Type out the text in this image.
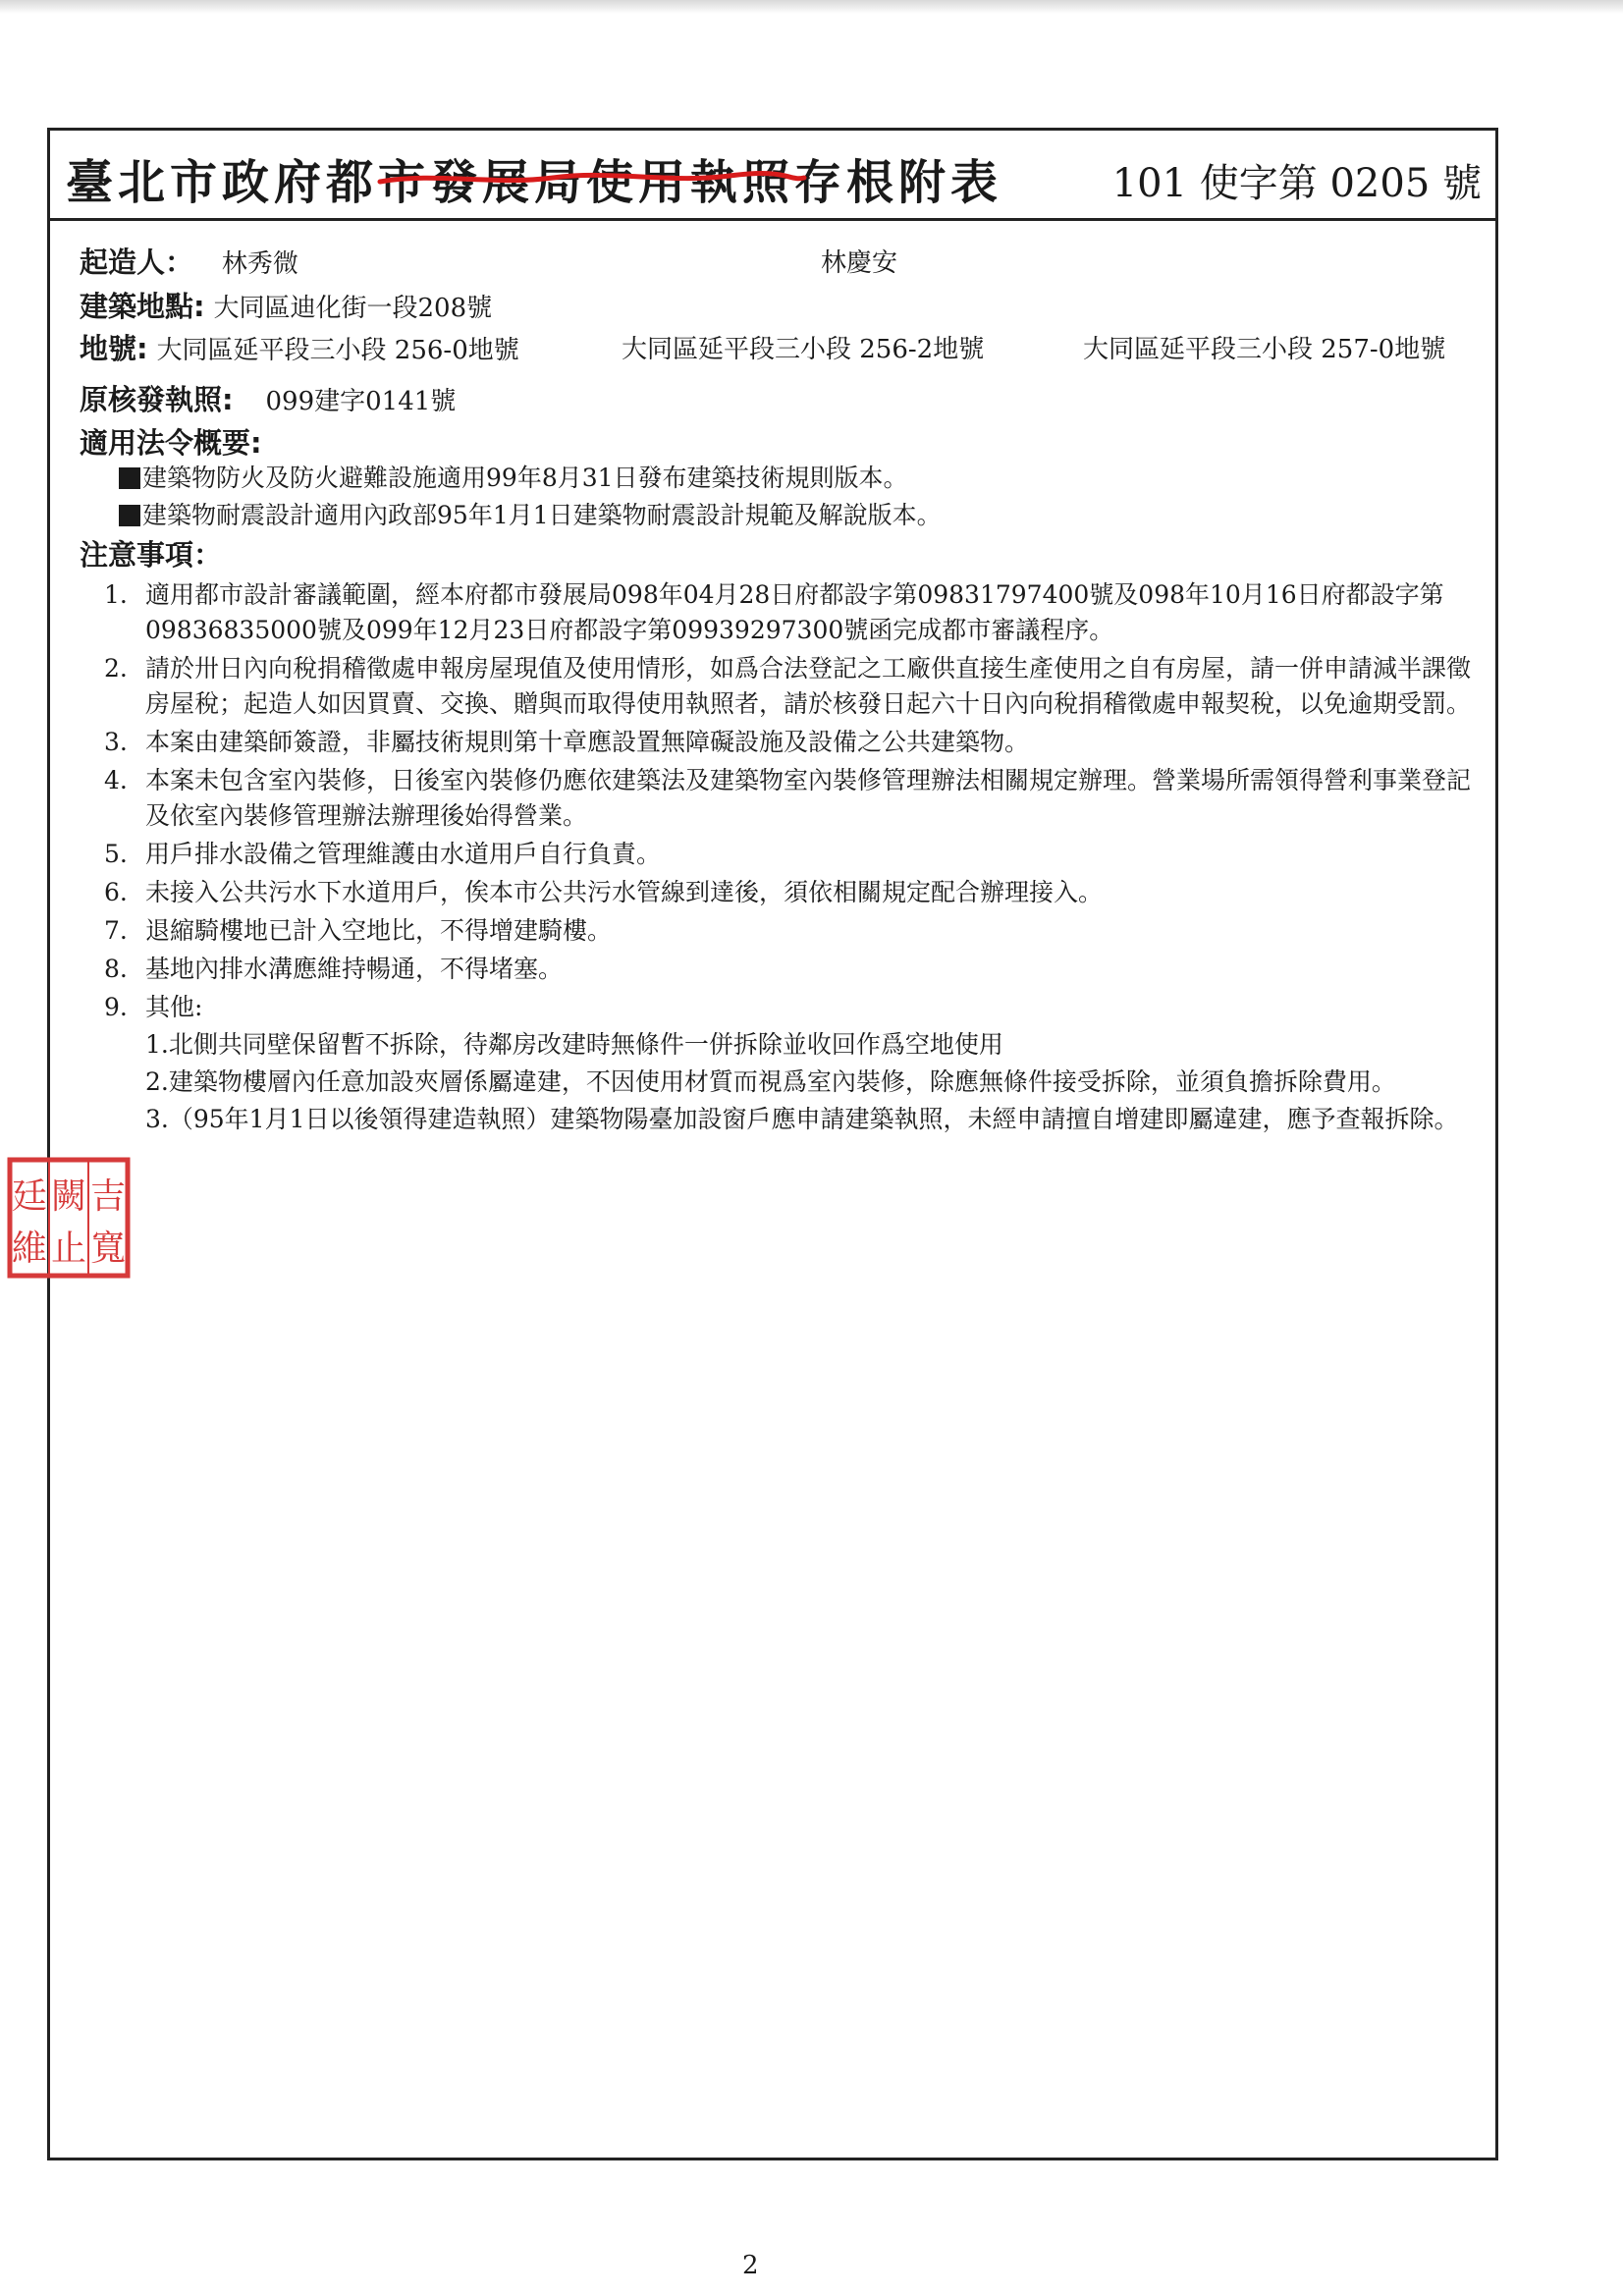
臺北市政府都市發展局使用執照存根附表	101 使字第 0205 號
起造人： 林秀微	林慶安
建築地點: 大同區迪化街一段208號
地號: 大同區延平段三小段 256-0地號	大同區延平段三小段 256-2地號	大同區延平段三小段 257-0地號
原核發執照: 099建字0141號
適用法令概要:
建築物防火及防火避難設施適用99年8月31日發布建築技術規則版本。
建築物耐震設計適用內政部95年1月1日建築物耐震設計規範及解說版本。
注意事項：
1. 適用都市設計審議範圍，經本府都市發展局098年04月28日府都設字第09831797400號及098年10月16日府都設字第09836835000號及099年12月23日府都設字第09939297300號函完成都市審議程序。
2. 請於卅日內向稅捐稽徵處申報房屋現值及使用情形，如爲合法登記之工廠供直接生產使用之自有房屋，請一併申請減半課徵房屋稅；起造人如因買賣、交換、贈與而取得使用執照者，請於核發日起六十日內向稅捐稽徵處申報契稅，以免逾期受罰。
3. 本案由建築師簽證，非屬技術規則第十章應設置無障礙設施及設備之公共建築物。
4. 本案未包含室內裝修，日後室內裝修仍應依建築法及建築物室內裝修管理辦法相關規定辦理。營業場所需領得營利事業登記及依室內裝修管理辦法辦理後始得營業。
5. 用戶排水設備之管理維護由水道用戶自行負責。
6. 未接入公共污水下水道用戶，俟本市公共污水管線到達後，須依相關規定配合辦理接入。
7. 退縮騎樓地已計入空地比，不得增建騎樓。
8. 基地內排水溝應維持暢通，不得堵塞。
9. 其他:
1.北側共同壁保留暫不拆除，待鄰房改建時無條件一併拆除並收回作爲空地使用
2.建築物樓層內任意加設夾層係屬違建，不因使用材質而視爲室內裝修，除應無條件接受拆除，並須負擔拆除費用。
3.（95年1月1日以後領得建造執照）建築物陽臺加設窗戶應申請建築執照，未經申請擅自增建即屬違建，應予查報拆除。
吉
闕
廷
寬
止
維
2
